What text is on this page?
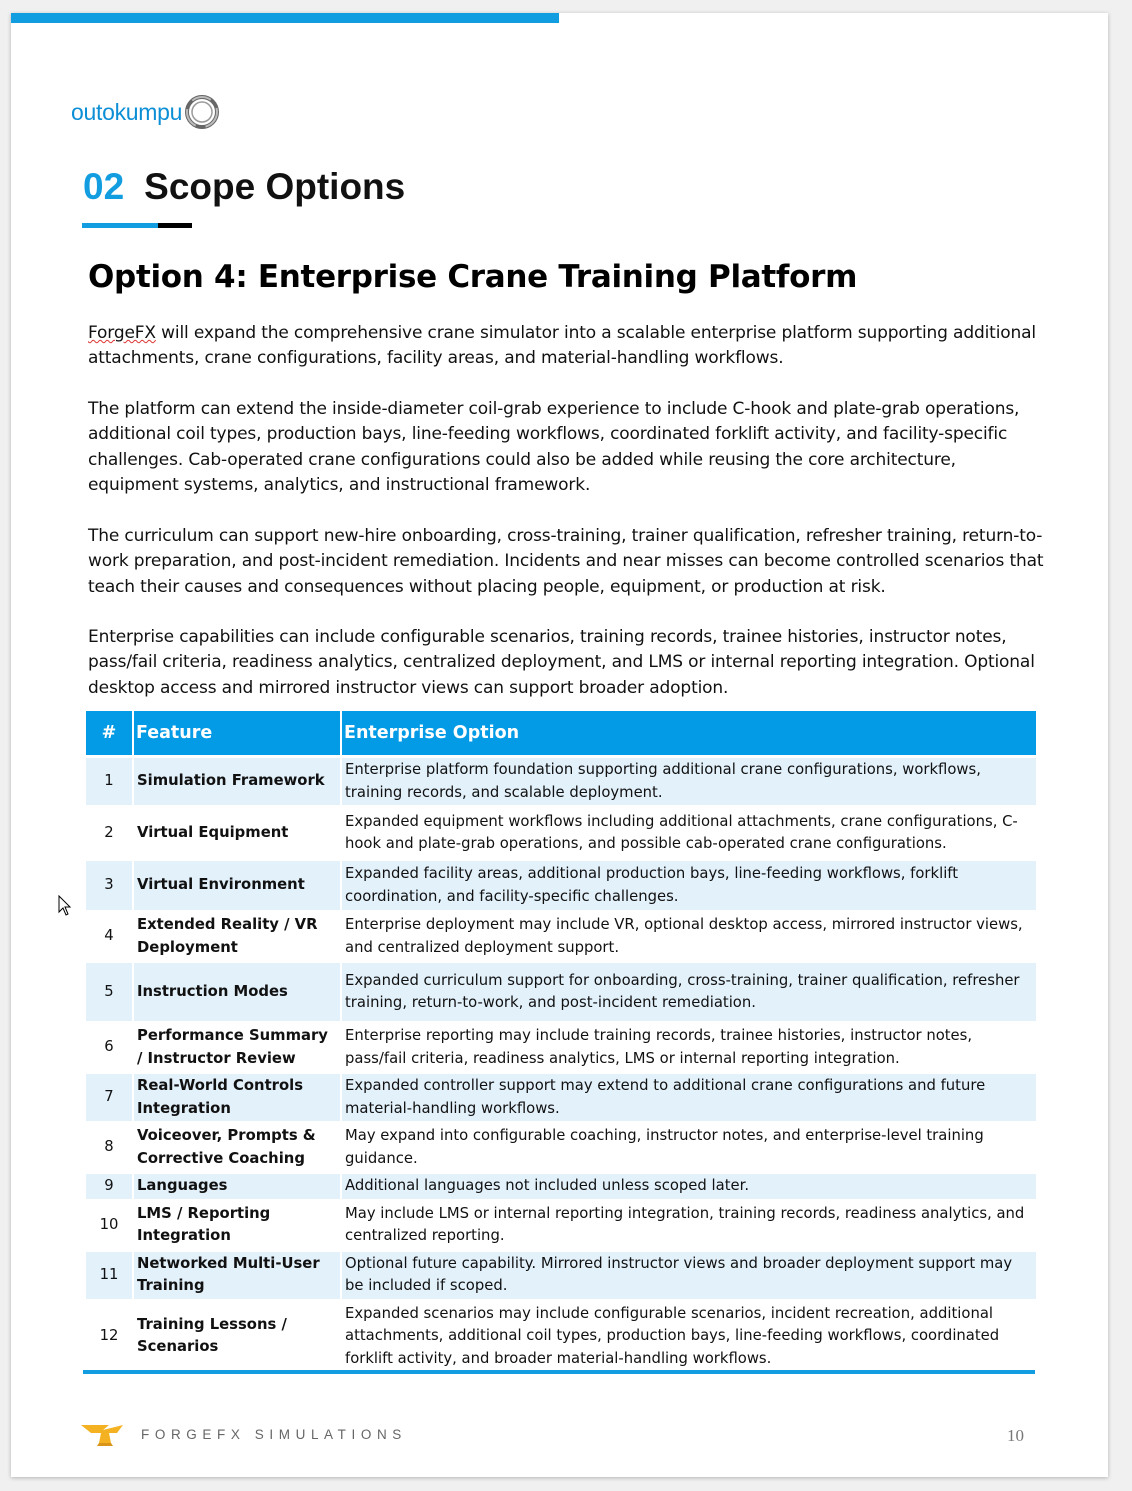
outokumpu
02 Scope Options
Option 4: Enterprise Crane Training Platform

ForgeFX will expand the comprehensive crane simulator into a scalable enterprise platform supporting additional attachments, crane configurations, facility areas, and material-handling workflows.

The platform can extend the inside-diameter coil-grab experience to include C-hook and plate-grab operations, additional coil types, production bays, line-feeding workflows, coordinated forklift activity, and facility-specific challenges. Cab-operated crane configurations could also be added while reusing the core architecture, equipment systems, analytics, and instructional framework.

The curriculum can support new-hire onboarding, cross-training, trainer qualification, refresher training, return-to-work preparation, and post-incident remediation. Incidents and near misses can become controlled scenarios that teach their causes and consequences without placing people, equipment, or production at risk.

Enterprise capabilities can include configurable scenarios, training records, trainee histories, instructor notes, pass/fail criteria, readiness analytics, centralized deployment, and LMS or internal reporting integration. Optional desktop access and mirrored instructor views can support broader adoption.

#	Feature	Enterprise Option
1	Simulation Framework	Enterprise platform foundation supporting additional crane configurations, workflows, training records, and scalable deployment.
2	Virtual Equipment	Expanded equipment workflows including additional attachments, crane configurations, C-hook and plate-grab operations, and possible cab-operated crane configurations.
3	Virtual Environment	Expanded facility areas, additional production bays, line-feeding workflows, forklift coordination, and facility-specific challenges.
4	Extended Reality / VR Deployment	Enterprise deployment may include VR, optional desktop access, mirrored instructor views, and centralized deployment support.
5	Instruction Modes	Expanded curriculum support for onboarding, cross-training, trainer qualification, refresher training, return-to-work, and post-incident remediation.
6	Performance Summary / Instructor Review	Enterprise reporting may include training records, trainee histories, instructor notes, pass/fail criteria, readiness analytics, LMS or internal reporting integration.
7	Real-World Controls Integration	Expanded controller support may extend to additional crane configurations and future material-handling workflows.
8	Voiceover, Prompts & Corrective Coaching	May expand into configurable coaching, instructor notes, and enterprise-level training guidance.
9	Languages	Additional languages not included unless scoped later.
10	LMS / Reporting Integration	May include LMS or internal reporting integration, training records, readiness analytics, and centralized reporting.
11	Networked Multi-User Training	Optional future capability. Mirrored instructor views and broader deployment support may be included if scoped.
12	Training Lessons / Scenarios	Expanded scenarios may include configurable scenarios, incident recreation, additional attachments, additional coil types, production bays, line-feeding workflows, coordinated forklift activity, and broader material-handling workflows.
FORGEFX SIMULATIONS	10
